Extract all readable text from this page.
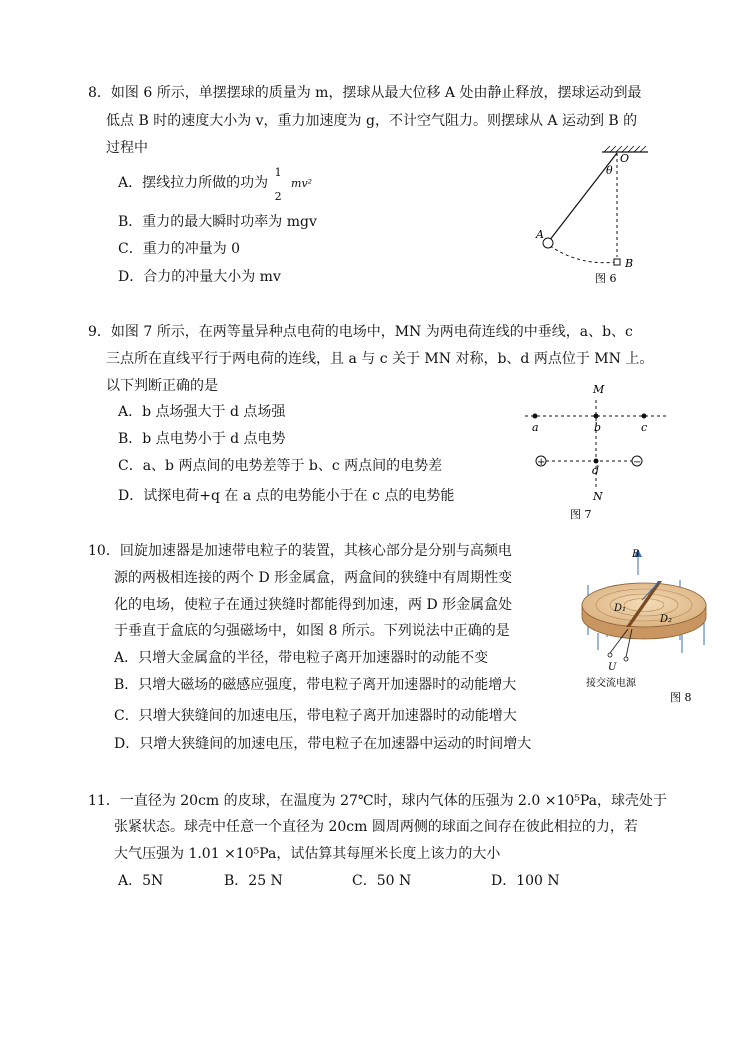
8．如图 6 所示，单摆摆球的质量为 m，摆球从最大位移 A 处由静止释放，摆球运动到最
低点 B 时的速度大小为 v，重力加速度为 g，不计空气阻力。则摆球从 A 运动到 B 的
过程中
A．摆线拉力所做的功为
1
2
mv²
B．重力的最大瞬时功率为 mgv
C．重力的冲量为 0
D．合力的冲量大小为 mv
O
θ
A
B
图 6
9．如图 7 所示，在两等量异种点电荷的电场中，MN 为两电荷连线的中垂线，a、b、c
三点所在直线平行于两电荷的连线，且 a 与 c 关于 MN 对称，b、d 两点位于 MN 上。
以下判断正确的是
A．b 点场强大于 d 点场强
B．b 点电势小于 d 点电势
C．a、b 两点间的电势差等于 b、c 两点间的电势差
D．试探电荷+q 在 a 点的电势能小于在 c 点的电势能
M
a	b	c
+	−
d
N
图 7
10．回旋加速器是加速带电粒子的装置，其核心部分是分别与高频电
源的两极相连接的两个 D 形金属盒，两盒间的狭缝中有周期性变
化的电场，使粒子在通过狭缝时都能得到加速，两 D 形金属盒处
于垂直于盒底的匀强磁场中，如图 8 所示。下列说法中正确的是
A．只增大金属盒的半径，带电粒子离开加速器时的动能不变
B．只增大磁场的磁感应强度，带电粒子离开加速器时的动能增大
C．只增大狭缝间的加速电压，带电粒子离开加速器时的动能增大
D．只增大狭缝间的加速电压，带电粒子在加速器中运动的时间增大
B
D₁
D₂
U
接交流电源
图 8
11．一直径为 20cm 的皮球，在温度为 27℃时，球内气体的压强为 2.0 ×10⁵Pa，球壳处于
张紧状态。球壳中任意一个直径为 20cm 圆周两侧的球面之间存在彼此相拉的力，若
大气压强为 1.01 ×10⁵Pa，试估算其每厘米长度上该力的大小
A．5N	B．25 N	C．50 N	D．100 N
